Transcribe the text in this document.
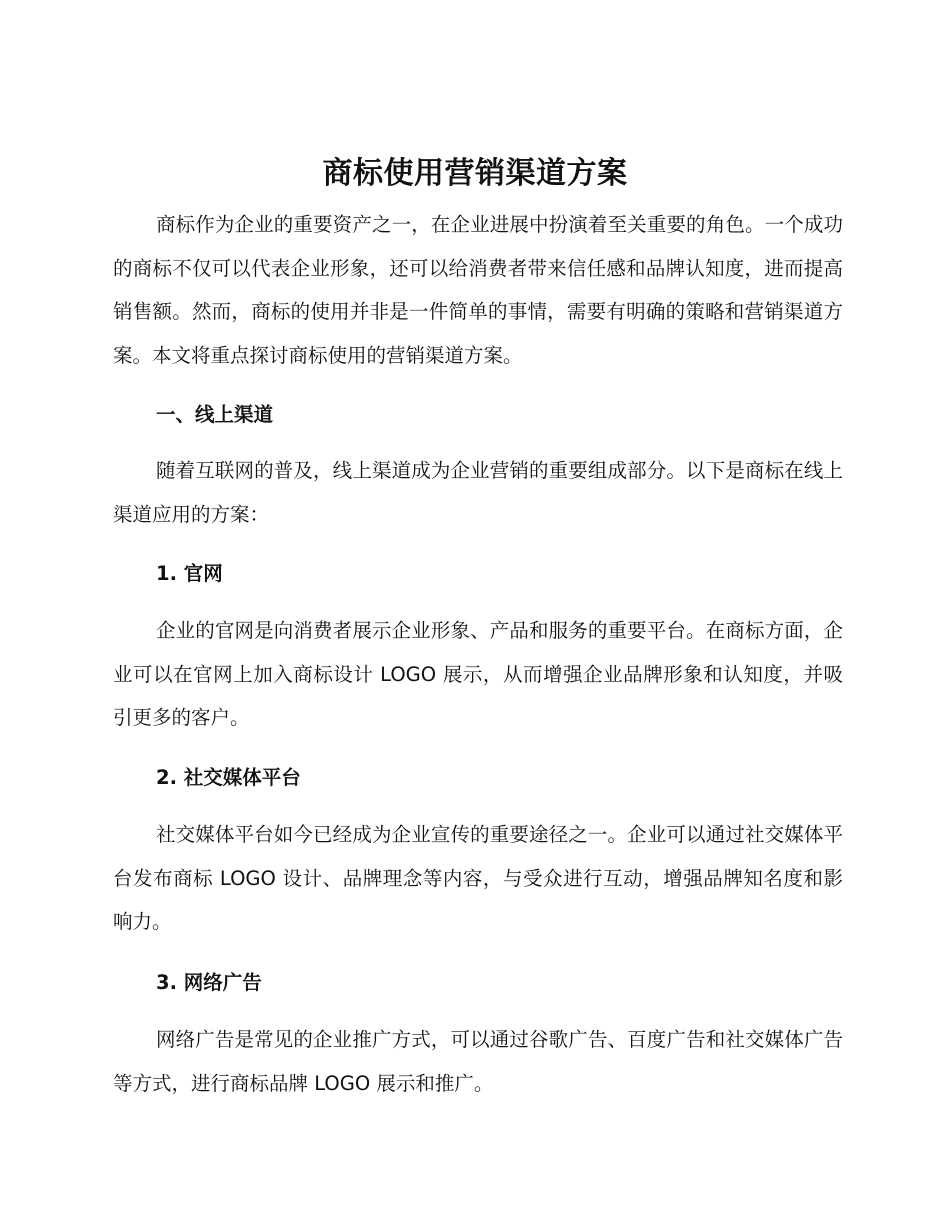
商标使用营销渠道方案

商标作为企业的重要资产之一，在企业进展中扮演着至关重要的角色。一个成功的商标不仅可以代表企业形象，还可以给消费者带来信任感和品牌认知度，进而提高销售额。然而，商标的使用并非是一件简单的事情，需要有明确的策略和营销渠道方案。本文将重点探讨商标使用的营销渠道方案。

一、线上渠道

随着互联网的普及，线上渠道成为企业营销的重要组成部分。以下是商标在线上渠道应用的方案：

1. 官网

企业的官网是向消费者展示企业形象、产品和服务的重要平台。在商标方面，企业可以在官网上加入商标设计 LOGO 展示，从而增强企业品牌形象和认知度，并吸引更多的客户。

2. 社交媒体平台

社交媒体平台如今已经成为企业宣传的重要途径之一。企业可以通过社交媒体平台发布商标 LOGO 设计、品牌理念等内容，与受众进行互动，增强品牌知名度和影响力。

3. 网络广告

网络广告是常见的企业推广方式，可以通过谷歌广告、百度广告和社交媒体广告等方式，进行商标品牌 LOGO 展示和推广。
